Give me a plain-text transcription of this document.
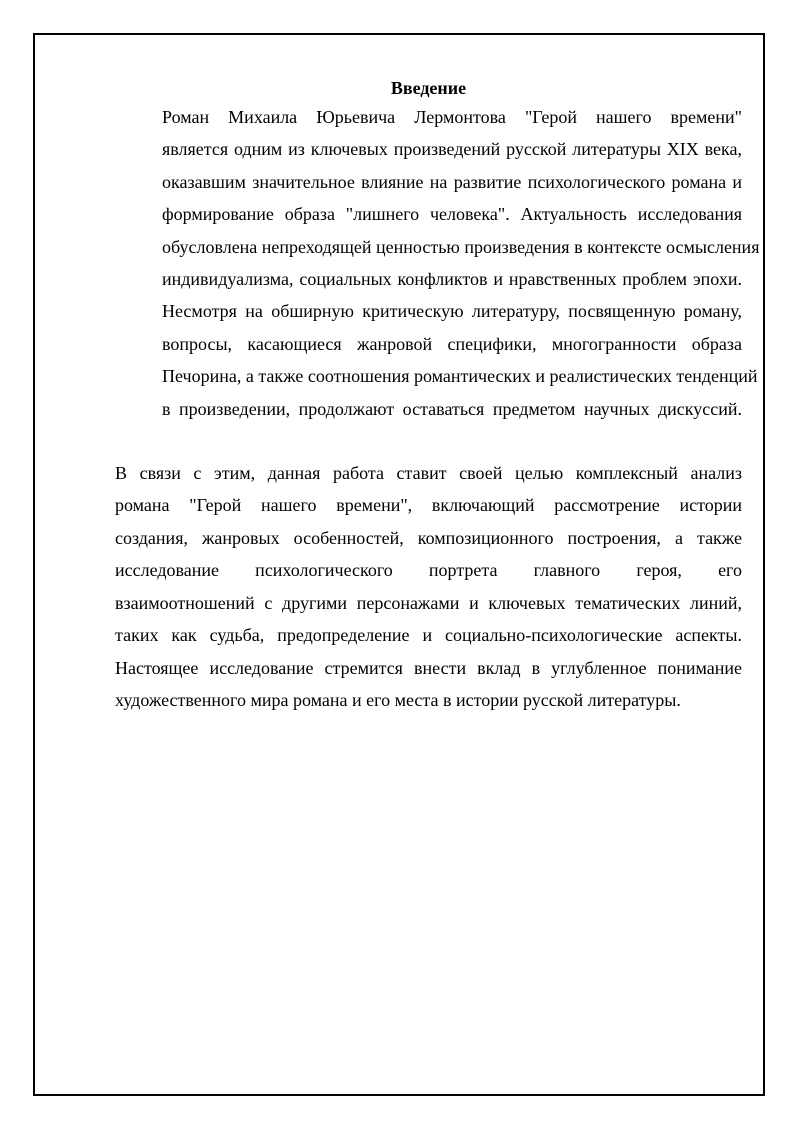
Введение
Роман Михаила Юрьевича Лермонтова "Герой нашего времени"
является одним из ключевых произведений русской литературы XIX века,
оказавшим значительное влияние на развитие психологического романа и
формирование образа "лишнего человека". Актуальность исследования
обусловлена непреходящей ценностью произведения в контексте осмысления
индивидуализма, социальных конфликтов и нравственных проблем эпохи.
Несмотря на обширную критическую литературу, посвященную роману,
вопросы, касающиеся жанровой специфики, многогранности образа
Печорина, а также соотношения романтических и реалистических тенденций
в произведении, продолжают оставаться предметом научных дискуссий.
В связи с этим, данная работа ставит своей целью комплексный анализ
романа "Герой нашего времени", включающий рассмотрение истории
создания, жанровых особенностей, композиционного построения, а также
исследование психологического портрета главного героя, его
взаимоотношений с другими персонажами и ключевых тематических линий,
таких как судьба, предопределение и социально-психологические аспекты.
Настоящее исследование стремится внести вклад в углубленное понимание
художественного мира романа и его места в истории русской литературы.
